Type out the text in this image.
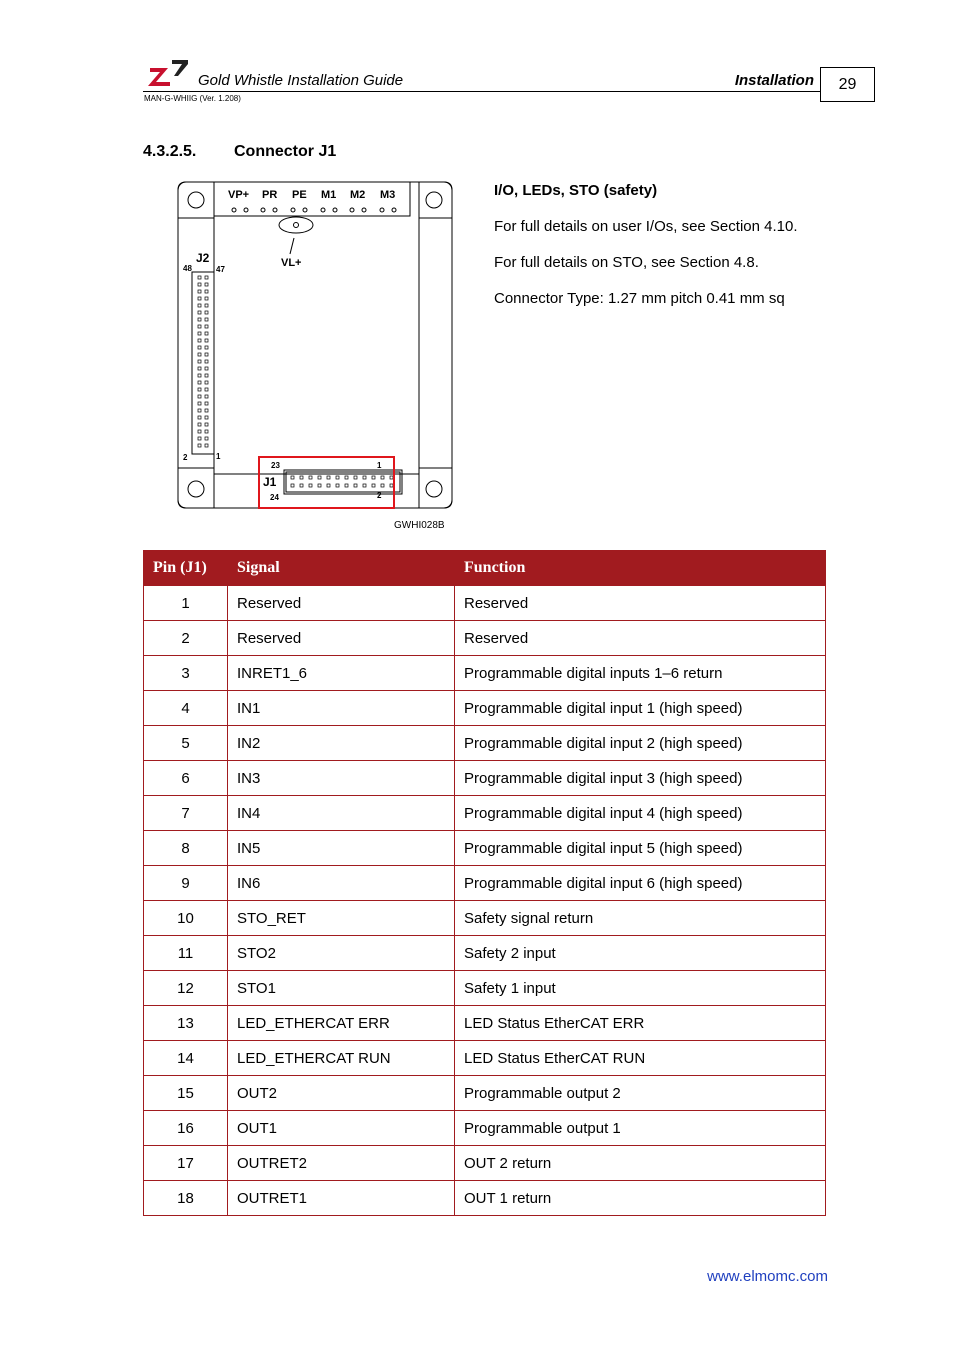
Gold Whistle Installation Guide	Installation
MAN-G-WHIIG (Ver. 1.208)
29
4.3.2.5. Connector J1
VP+ PR PE M1 M2 M3
VL+
J2
48	47
2	1
J1
23	1
24	2
GWHI028B

I/O, LEDs, STO (safety)

For full details on user I/Os, see Section 4.10.

For full details on STO, see Section 4.8.

Connector Type: 1.27 mm pitch 0.41 mm sq

Pin (J1)	Signal	Function
1	Reserved	Reserved
2	Reserved	Reserved
3	INRET1_6	Programmable digital inputs 1–6 return
4	IN1	Programmable digital input 1 (high speed)
5	IN2	Programmable digital input 2 (high speed)
6	IN3	Programmable digital input 3 (high speed)
7	IN4	Programmable digital input 4 (high speed)
8	IN5	Programmable digital input 5 (high speed)
9	IN6	Programmable digital input 6 (high speed)
10	STO_RET	Safety signal return
11	STO2	Safety 2 input
12	STO1	Safety 1 input
13	LED_ETHERCAT ERR	LED Status EtherCAT ERR
14	LED_ETHERCAT RUN	LED Status EtherCAT RUN
15	OUT2	Programmable output 2
16	OUT1	Programmable output 1
17	OUTRET2	OUT 2 return
18	OUTRET1	OUT 1 return
www.elmomc.com
